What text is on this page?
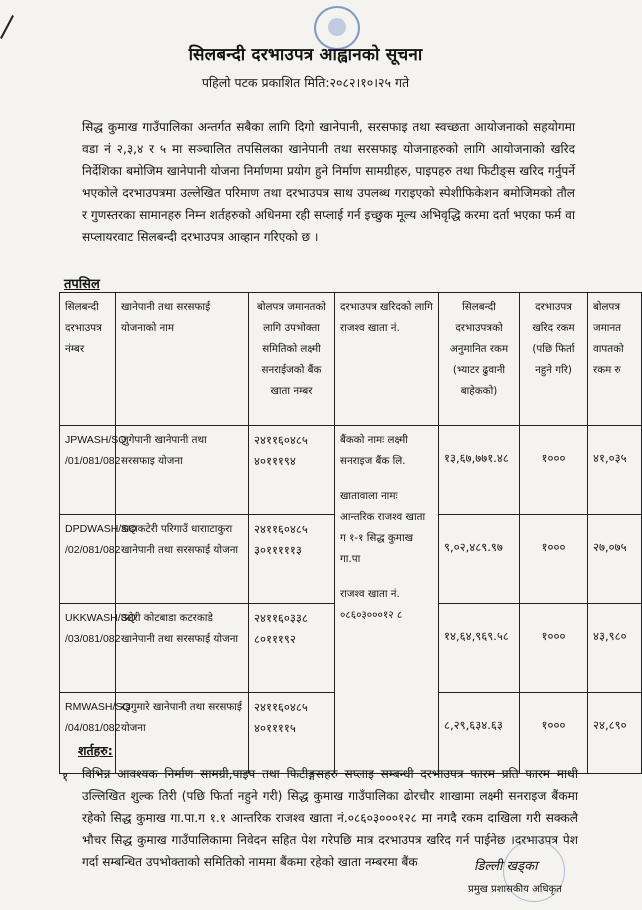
सिलबन्दी दरभाउपत्र आह्वानको सूचना
पहिलो पटक प्रकाशित मिति:२०८२।१०।२५ गते
सिद्ध कुमाख गाउँपालिका अन्तर्गत सबैका लागि दिगो खानेपानी, सरसफाइ तथा स्वच्छता आयोजनाको सहयोगमा वडा नं २,३,४ र ५ मा सञ्चालित तपसिलका खानेपानी तथा सरसफाइ योजनाहरुको लागि आयोजनाको खरिद निर्देशिका बमोजिम खानेपानी योजना निर्माणमा प्रयोग हुने निर्माण सामग्रीहरु, पाइपहरु तथा फिटीङ्स खरिद गर्नुपर्ने भएकोले दरभाउपत्रमा उल्लेखित परिमाण तथा दरभाउपत्र साथ उपलब्ध गराइएको स्पेशीफिकेशन बमोजिमको तौल र गुणस्तरका सामानहरु निम्न शर्तहरुको अधिनमा रही सप्लाई गर्न इच्छुक मूल्य अभिवृद्धि करमा दर्ता भएका फर्म वा सप्लायरवाट सिलबन्दी दरभाउपत्र आव्हान गरिएको छ ।
तपसिल
सिलबन्दी दरभाउपत्र नंम्बर	खानेपानी तथा सरसफाई योजनाको नाम	बोलपत्र जमानतको लागि उपभोक्ता समितिको लक्ष्मी सनराईजको बैंक खाता नम्बर	दरभाउपत्र खरिदको लागि राजश्व खाता नं.	सिलबन्दी दरभाउपत्रको अनुमानित रकम (भ्याटर ढुवानी बाहेकको)	दरभाउपत्र खरिद रकम (पछि फिर्ता नहुने गरि)	बोलपत्र जमानत वापतको रकम रु
JPWASH/SQ /01/081/082	जुगेपानी खानेपानी तथा सरसफाइ योजना	२४११६०४८५ ४०१११९४	बैंकको नामः लक्ष्मी सनराइज बैंक लि.
खातावाला नामः आन्तरिक राजश्व खाता ग १-१ सिद्ध कुमाख गा.पा
राजश्व खाता नं. ०८६०३०००१२ ८	१३,६७,७७१.४८	१०००	४१,०३५
DPDWASH/SQ /02/081/082	डाढाकटेरी परिगाउँ धारााटाकुरा खानेपानी तथा सरसफाई योजना	२४११६०४८५ ३०१११११३		९,०२,४८९.९७	१०००	२७,०७५
UKKWASH/SQ /03/081/082	उलेरी कोटबाडा कटरकाडे खानेपानी तथा सरसफाई योजना	२४११६०३३८ ८०१११९२		१४,६४,९६९.५८	१०००	४३,९८०
RMWASH/SQ /04/081/082	रडगुमारे खानेपानी तथा सरसफाई योजना	२४११६०४८५ ४०११११५		८,२९,६३४.६३	१०००	२४,८९०
शर्तहरु:
१ विभिन्न आवश्यक निर्माण सामग्री,पाइप तथा फिटीङ्गसहरु सप्लाइ सम्बन्धी दरभाउपत्र फारम प्रति फारम माथी उल्लिखित शुल्क तिरी (पछि फिर्ता नहुने गरी) सिद्ध कुमाख गाउँपालिका ढोरचौर शाखामा लक्ष्मी सनराइज बैंकमा रहेको सिद्ध कुमाख गा.पा.ग १.१ आन्तरिक राजश्व खाता नं.०८६०३०००१२८ मा नगदै रकम दाखिला गरी सक्कलै भौचर सिद्ध कुमाख गाउँपालिकामा निवेदन सहित पेश गरेपछि मात्र दरभाउपत्र खरिद गर्न पाईनेछ ।दरभाउपत्र पेश गर्दा सम्बन्धित उपभोक्ताको समितिको नाममा बैंकमा रहेको खाता नम्बरमा बैंक	डिल्ली खड्का
प्रमुख प्रशासकीय अधिकृत
